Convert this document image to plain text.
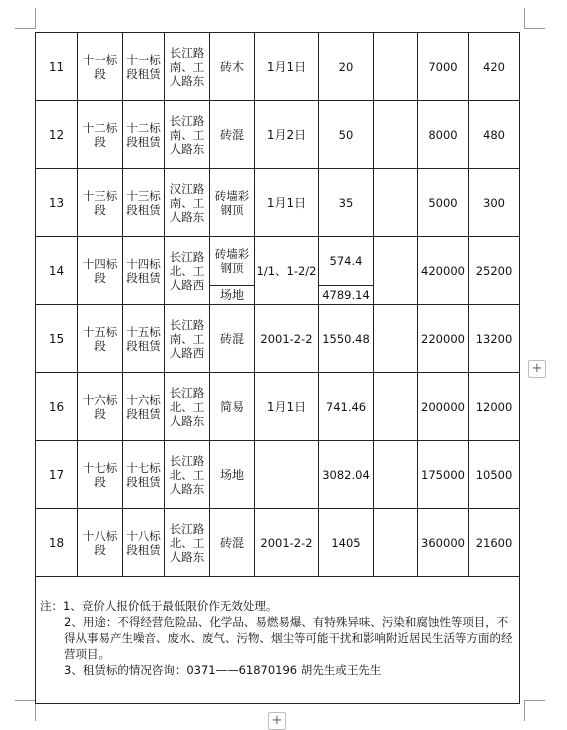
11	十一标段	十一标段租赁	长江路南、工人路东	砖木	1月1日	20		7000	420
12	十二标段	十二标段租赁	长江路南、工人路东	砖混	1月2日	50		8000	480
13	十三标段	十三标段租赁	汉江路南、工人路东	砖墙彩钢顶	1月1日	35		5000	300
14	十四标段	十四标段租赁	长江路北、工人路西	砖墙彩钢顶	1/1、1-2/2	574.4		420000	25200
				场地		4789.14			
15	十五标段	十五标段租赁	长江路南、工人路西	砖混	2001-2-2	1550.48		220000	13200
16	十六标段	十六标段租赁	长江路北、工人路东	简易	1月1日	741.46		200000	12000
17	十七标段	十七标段租赁	长江路北、工人路东	场地		3082.04		175000	10500
18	十八标段	十八标段租赁	长江路北、工人路东	砖混	2001-2-2	1405		360000	21600

注：1、竞价人报价低于最低限价作无效处理。

2、用途：不得经营危险品、化学品、易燃易爆、有特殊异味、污染和腐蚀性等项目，不得从事易产生噪音、废水、废气、污物、烟尘等可能干扰和影响附近居民生活等方面的经营项目。

3、租赁标的情况咨询：0371——61870196 胡先生或王先生

+
+
